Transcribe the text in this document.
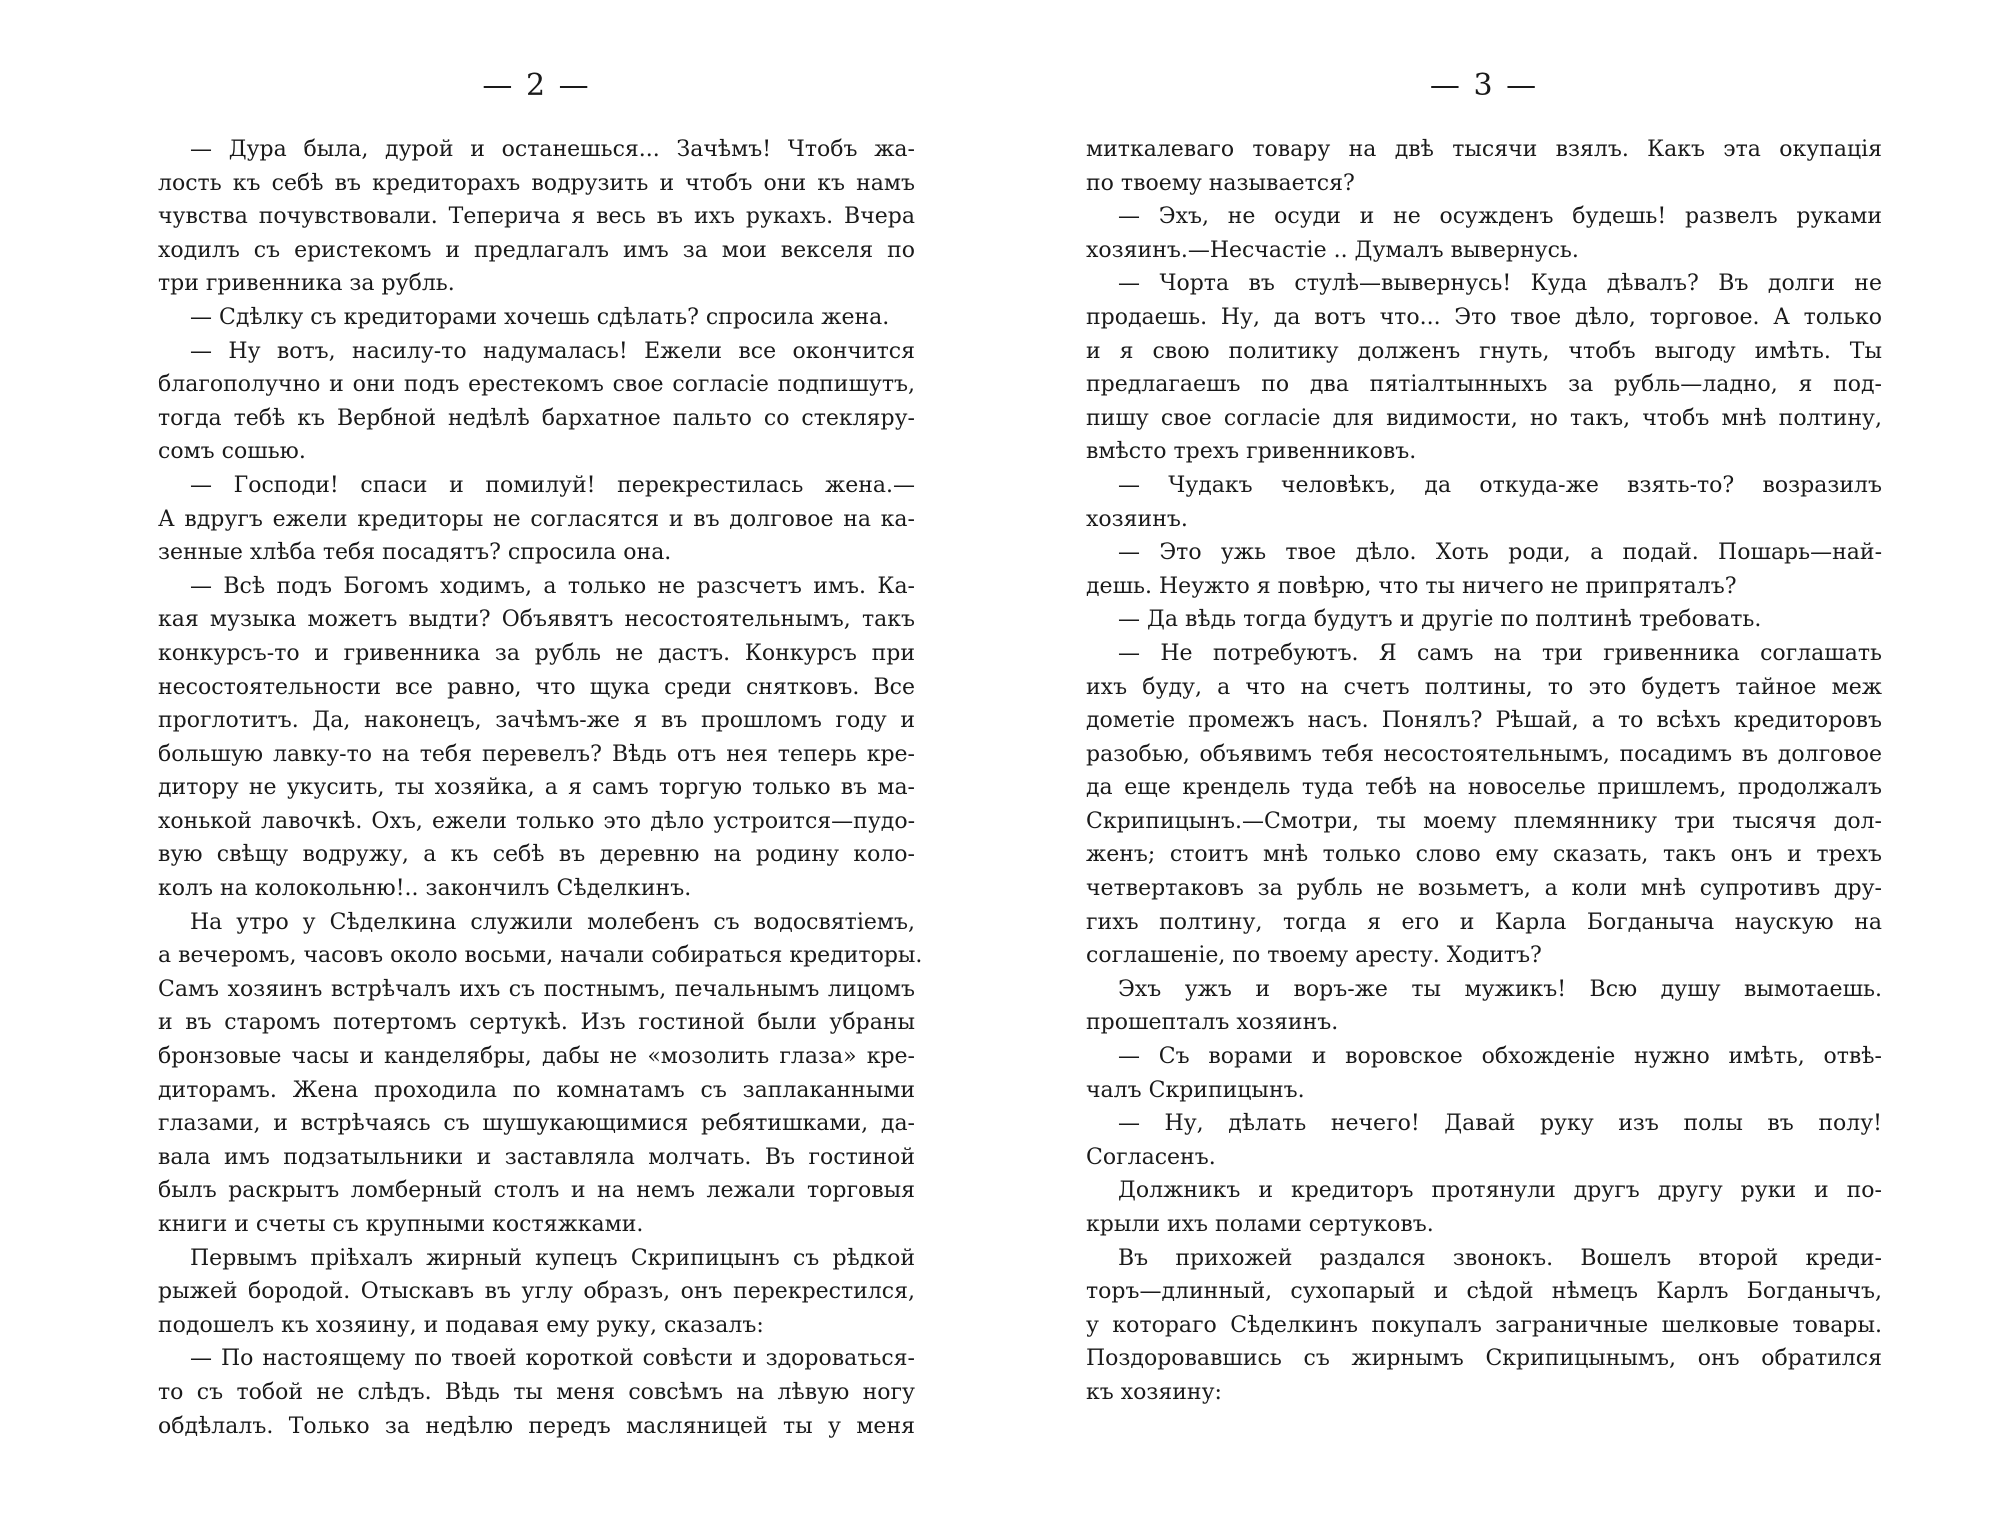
— 2 —
— Дура была, дурой и останешься... Зачѣмъ! Чтобъ жа-
лость къ себѣ въ кредиторахъ водрузить и чтобъ они къ намъ
чувства почувствовали. Теперича я весь въ ихъ рукахъ. Вчера
ходилъ съ еристекомъ и предлагалъ имъ за мои векселя по
три гривенника за рубль.
— Сдѣлку съ кредиторами хочешь сдѣлать? спросила жена.
— Ну вотъ, насилу-то надумалась! Ежели все окончится
благополучно и они подъ ерестекомъ свое согласіе подпишутъ,
тогда тебѣ къ Вербной недѣлѣ бархатное пальто со стекляру-
сомъ сошью.
— Господи! спаси и помилуй! перекрестилась жена.—
А вдругъ ежели кредиторы не согласятся и въ долговое на ка-
зенные хлѣба тебя посадятъ? спросила она.
— Всѣ подъ Богомъ ходимъ, а только не разсчетъ имъ. Ка-
кая музыка можетъ выдти? Объявятъ несостоятельнымъ, такъ
конкурсъ-то и гривенника за рубль не дастъ. Конкурсъ при
несостоятельности все равно, что щука среди снятковъ. Все
проглотитъ. Да, наконецъ, зачѣмъ-же я въ прошломъ году и
большую лавку-то на тебя перевелъ? Вѣдь отъ нея теперь кре-
дитору не укусить, ты хозяйка, а я самъ торгую только въ ма-
хонькой лавочкѣ. Охъ, ежели только это дѣло устроится—пудо-
вую свѣщу водружу, а къ себѣ въ деревню на родину коло-
колъ на колокольню!.. закончилъ Сѣделкинъ.
На утро у Сѣделкина служили молебенъ съ водосвятіемъ,
а вечеромъ, часовъ около восьми, начали собираться кредиторы.
Самъ хозяинъ встрѣчалъ ихъ съ постнымъ, печальнымъ лицомъ
и въ старомъ потертомъ сертукѣ. Изъ гостиной были убраны
бронзовые часы и канделябры, дабы не «мозолить глаза» кре-
диторамъ. Жена проходила по комнатамъ съ заплаканными
глазами, и встрѣчаясь съ шушукающимися ребятишками, да-
вала имъ подзатыльники и заставляла молчать. Въ гостиной
былъ раскрытъ ломберный столъ и на немъ лежали торговыя
книги и счеты съ крупными костяжками.
Первымъ пріѣхалъ жирный купецъ Скрипицынъ съ рѣдкой
рыжей бородой. Отыскавъ въ углу образъ, онъ перекрестился,
подошелъ къ хозяину, и подавая ему руку, сказалъ:
— По настоящему по твоей короткой совѣсти и здороваться-
то съ тобой не слѣдъ. Вѣдь ты меня совсѣмъ на лѣвую ногу
обдѣлалъ. Только за недѣлю передъ масляницей ты у меня
— 3 —
миткалеваго товару на двѣ тысячи взялъ. Какъ эта окупація
по твоему называется?
— Эхъ, не осуди и не осужденъ будешь! развелъ руками
хозяинъ.—Несчастіе .. Думалъ вывернусь.
— Чорта въ стулѣ—вывернусь! Куда дѣвалъ? Въ долги не
продаешь. Ну, да вотъ что... Это твое дѣло, торговое. А только
и я свою политику долженъ гнуть, чтобъ выгоду имѣть. Ты
предлагаешъ по два пятіалтынныхъ за рубль—ладно, я под-
пишу свое согласіе для видимости, но такъ, чтобъ мнѣ полтину,
вмѣсто трехъ гривенниковъ.
— Чудакъ человѣкъ, да откуда-же взять-то? возразилъ
хозяинъ.
— Это ужь твое дѣло. Хоть роди, а подай. Пошарь—най-
дешь. Неужто я повѣрю, что ты ничего не припряталъ?
— Да вѣдь тогда будутъ и другіе по полтинѣ требовать.
— Не потребуютъ. Я самъ на три гривенника соглашать
ихъ буду, а что на счетъ полтины, то это будетъ тайное меж
дометіе промежъ насъ. Понялъ? Рѣшай, а то всѣхъ кредиторовъ
разобью, объявимъ тебя несостоятельнымъ, посадимъ въ долговое
да еще крендель туда тебѣ на новоселье пришлемъ, продолжалъ
Скрипицынъ.—Смотри, ты моему племяннику три тысячя дол-
женъ; стоитъ мнѣ только слово ему сказать, такъ онъ и трехъ
четвертаковъ за рубль не возьметъ, а коли мнѣ супротивъ дру-
гихъ полтину, тогда я его и Карла Богданыча наускую на
соглашеніе, по твоему аресту. Ходитъ?
Эхъ ужъ и воръ-же ты мужикъ! Всю душу вымотаешь.
прошепталъ хозяинъ.
— Съ ворами и воровское обхожденіе нужно имѣть, отвѣ-
чалъ Скрипицынъ.
— Ну, дѣлать нечего! Давай руку изъ полы въ полу!
Согласенъ.
Должникъ и кредиторъ протянули другъ другу руки и по-
крыли ихъ полами сертуковъ.
Въ прихожей раздался звонокъ. Вошелъ второй креди-
торъ—длинный, сухопарый и сѣдой нѣмецъ Карлъ Богданычъ,
у котораго Сѣделкинъ покупалъ заграничные шелковые товары.
Поздоровавшись съ жирнымъ Скрипицынымъ, онъ обратился
къ хозяину:
